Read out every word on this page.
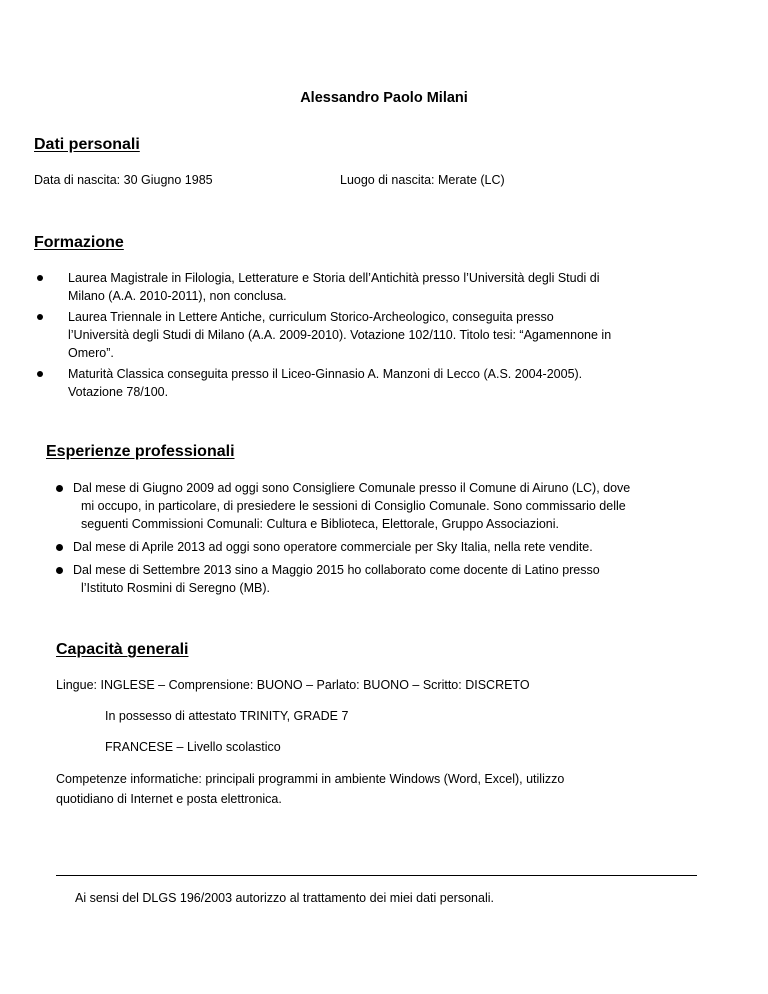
Alessandro Paolo Milani
Dati personali
Data di nascita: 30 Giugno 1985	Luogo di nascita: Merate (LC)
Formazione
Laurea Magistrale in Filologia, Letterature e Storia dell’Antichità presso l’Università degli Studi di
Milano (A.A. 2010-2011), non conclusa.
Laurea Triennale in Lettere Antiche, curriculum Storico-Archeologico, conseguita presso
l’Università degli Studi di Milano (A.A. 2009-2010). Votazione 102/110. Titolo tesi: “Agamennone in
Omero”.
Maturità Classica conseguita presso il Liceo-Ginnasio A. Manzoni di Lecco (A.S. 2004-2005).
Votazione 78/100.
Esperienze professionali
Dal mese di Giugno 2009 ad oggi sono Consigliere Comunale presso il Comune di Airuno (LC), dove
mi occupo, in particolare, di presiedere le sessioni di Consiglio Comunale. Sono commissario delle
seguenti Commissioni Comunali: Cultura e Biblioteca, Elettorale, Gruppo Associazioni.
Dal mese di Aprile 2013 ad oggi sono operatore commerciale per Sky Italia, nella rete vendite.
Dal mese di Settembre 2013 sino a Maggio 2015 ho collaborato come docente di Latino presso
l’Istituto Rosmini di Seregno (MB).
Capacità generali
Lingue: INGLESE – Comprensione: BUONO – Parlato: BUONO – Scritto: DISCRETO
In possesso di attestato TRINITY, GRADE 7
FRANCESE – Livello scolastico
Competenze informatiche: principali programmi in ambiente Windows (Word, Excel), utilizzo
quotidiano di Internet e posta elettronica.
Ai sensi del DLGS 196/2003 autorizzo al trattamento dei miei dati personali.
